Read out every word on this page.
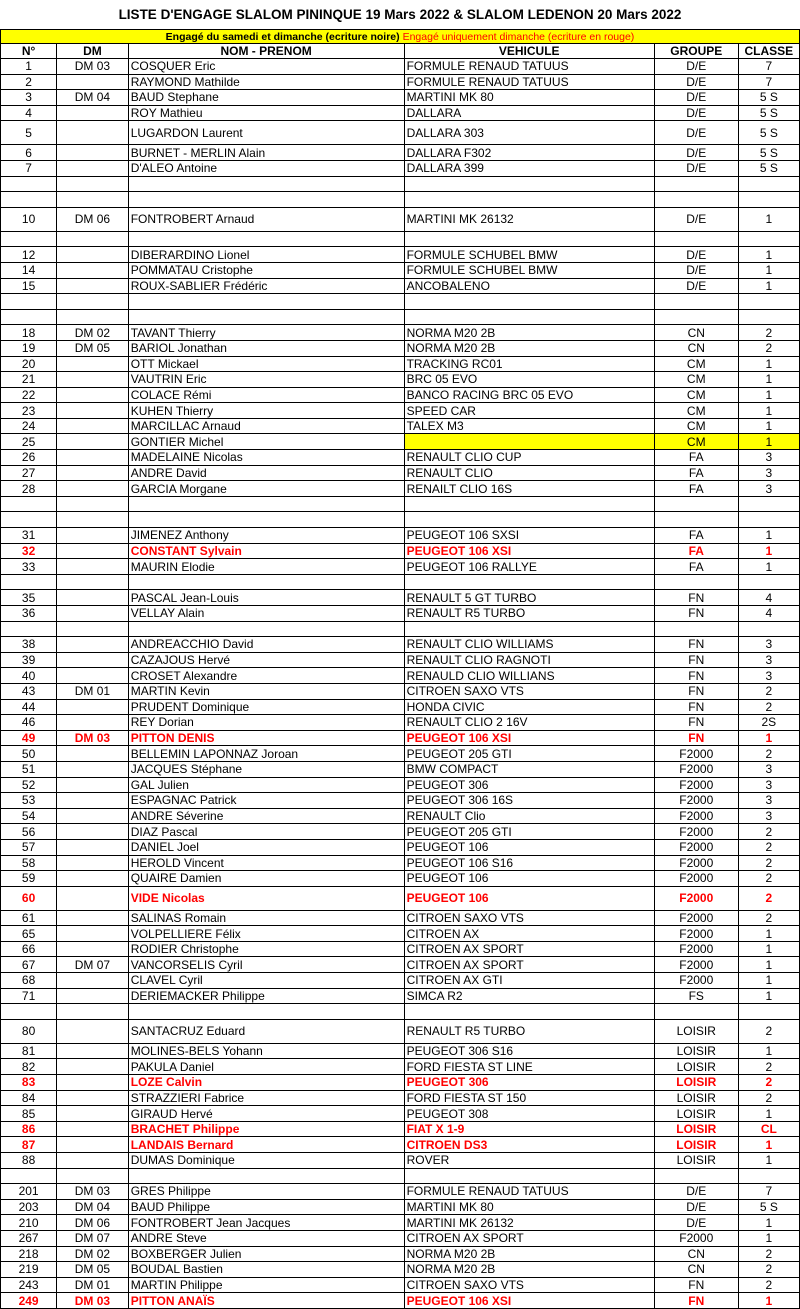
LISTE D'ENGAGE SLALOM PININQUE 19 Mars 2022 & SLALOM LEDENON 20 Mars 2022
Engagé du samedi et dimanche (ecriture noire) Engagé uniquement dimanche (ecriture en rouge)
N°	DM	NOM - PRENOM	VEHICULE	GROUPE	CLASSE
1	DM 03	COSQUER Eric	FORMULE RENAUD TATUUS	D/E	7
2		RAYMOND Mathilde	FORMULE RENAUD TATUUS	D/E	7
3	DM 04	BAUD Stephane	MARTINI MK 80	D/E	5 S
4		ROY Mathieu	DALLARA	D/E	5 S
5		LUGARDON Laurent	DALLARA 303	D/E	5 S
6		BURNET - MERLIN Alain	DALLARA F302	D/E	5 S
7		D'ALEO Antoine	DALLARA 399	D/E	5 S

10	DM 06	FONTROBERT Arnaud	MARTINI MK 26132	D/E	1

12		DIBERARDINO Lionel	FORMULE SCHUBEL BMW	D/E	1
14		POMMATAU Cristophe	FORMULE SCHUBEL BMW	D/E	1
15		ROUX-SABLIER Frédéric	ANCOBALENO	D/E	1

18	DM 02	TAVANT Thierry	NORMA M20 2B	CN	2
19	DM 05	BARIOL Jonathan	NORMA M20 2B	CN	2
20		OTT Mickael	TRACKING RC01	CM	1
21		VAUTRIN Eric	BRC 05 EVO	CM	1
22		COLACE Rémi	BANCO RACING BRC 05 EVO	CM	1
23		KUHEN Thierry	SPEED CAR	CM	1
24		MARCILLAC Arnaud	TALEX M3	CM	1
25		GONTIER Michel		CM	1
26		MADELAINE Nicolas	RENAULT CLIO CUP	FA	3
27		ANDRE David	RENAULT CLIO	FA	3
28		GARCIA Morgane	RENAILT CLIO 16S	FA	3

31		JIMENEZ Anthony	PEUGEOT 106 SXSI	FA	1
32		CONSTANT Sylvain	PEUGEOT 106 XSI	FA	1
33		MAURIN Elodie	PEUGEOT 106 RALLYE	FA	1

35		PASCAL Jean-Louis	RENAULT 5 GT TURBO	FN	4
36		VELLAY Alain	RENAULT R5 TURBO	FN	4

38		ANDREACCHIO David	RENAULT CLIO WILLIAMS	FN	3
39		CAZAJOUS Hervé	RENAULT CLIO RAGNOTI	FN	3
40		CROSET Alexandre	RENAULD CLIO WILLIANS	FN	3
43	DM 01	MARTIN Kevin	CITROEN SAXO VTS	FN	2
44		PRUDENT Dominique	HONDA CIVIC	FN	2
46		REY Dorian	RENAULT CLIO 2 16V	FN	2S
49	DM 03	PITTON DENIS	PEUGEOT 106 XSI	FN	1
50		BELLEMIN LAPONNAZ Joroan	PEUGEOT 205 GTI	F2000	2
51		JACQUES Stéphane	BMW COMPACT	F2000	3
52		GAL Julien	PEUGEOT 306	F2000	3
53		ESPAGNAC Patrick	PEUGEOT 306 16S	F2000	3
54		ANDRE Séverine	RENAULT Clio	F2000	3
56		DIAZ Pascal	PEUGEOT 205 GTI	F2000	2
57		DANIEL Joel	PEUGEOT 106	F2000	2
58		HEROLD Vincent	PEUGEOT 106 S16	F2000	2
59		QUAIRE Damien	PEUGEOT 106	F2000	2
60		VIDE Nicolas	PEUGEOT 106	F2000	2
61		SALINAS Romain	CITROEN SAXO VTS	F2000	2
65		VOLPELLIERE Félix	CITROEN AX	F2000	1
66		RODIER Christophe	CITROEN AX SPORT	F2000	1
67	DM 07	VANCORSELIS Cyril	CITROEN AX SPORT	F2000	1
68		CLAVEL Cyril	CITROEN AX GTI	F2000	1
71		DERIEMACKER Philippe	SIMCA R2	FS	1

80		SANTACRUZ Eduard	RENAULT R5 TURBO	LOISIR	2
81		MOLINES-BELS Yohann	PEUGEOT 306 S16	LOISIR	1
82		PAKULA Daniel	FORD FIESTA ST LINE	LOISIR	2
83		LOZE Calvin	PEUGEOT 306	LOISIR	2
84		STRAZZIERI Fabrice	FORD FIESTA ST 150	LOISIR	2
85		GIRAUD Hervé	PEUGEOT 308	LOISIR	1
86		BRACHET Philippe	FIAT X 1-9	LOISIR	CL
87		LANDAIS Bernard	CITROEN DS3	LOISIR	1
88		DUMAS Dominique	ROVER	LOISIR	1

201	DM 03	GRES Philippe	FORMULE RENAUD TATUUS	D/E	7
203	DM 04	BAUD Philippe	MARTINI MK 80	D/E	5 S
210	DM 06	FONTROBERT Jean Jacques	MARTINI MK 26132	D/E	1
267	DM 07	ANDRE Steve	CITROEN AX SPORT	F2000	1
218	DM 02	BOXBERGER Julien	NORMA M20 2B	CN	2
219	DM 05	BOUDAL Bastien	NORMA M20 2B	CN	2
243	DM 01	MARTIN Philippe	CITROEN SAXO VTS	FN	2
249	DM 03	PITTON ANAÏS	PEUGEOT 106 XSI	FN	1
